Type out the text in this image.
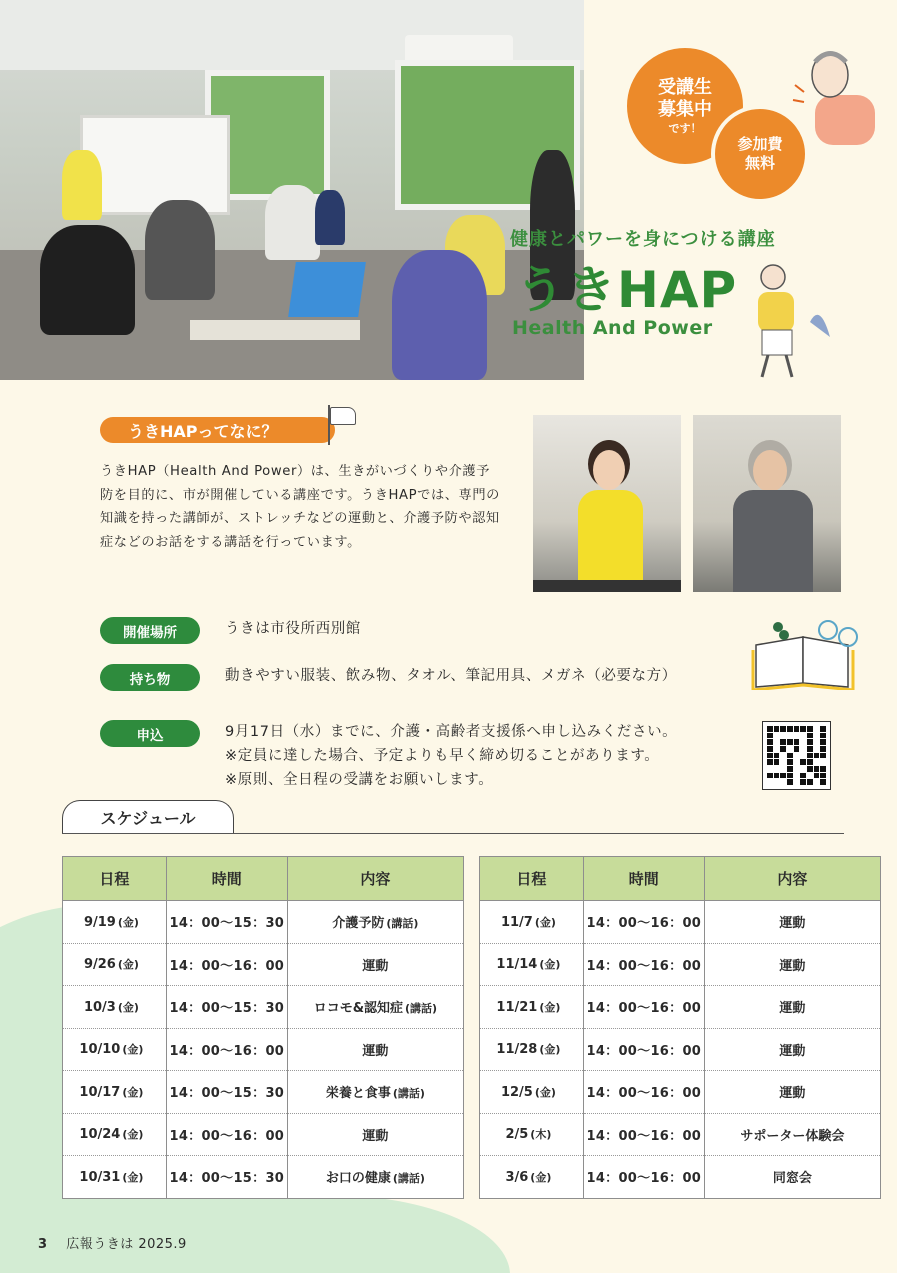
受講生
募集中
です！
参加費
無料
健康とパワーを身につける講座
うきHAP
Health And Power
うきHAPってなに？

うきHAP（Health And Power）は、生きがいづくりや介護予防を目的に、市が開催している講座です。うきHAPでは、専門の知識を持った講師が、ストレッチなどの運動と、介護予防や認知症などのお話をする講話を行っています。

開催場所	うきは市役所西別館
持ち物	動きやすい服装、飲み物、タオル、筆記用具、メガネ（必要な方）
申込	9月17日（水）までに、介護・高齢者支援係へ申し込みください。
※定員に達した場合、予定よりも早く締め切ることがあります。
※原則、全日程の受講をお願いします。
スケジュール
日程	時間	内容
9/19 (金)	14：00～15：30	介護予防 (講話)
9/26 (金)	14：00～16：00	運動
10/3 (金)	14：00～15：30	ロコモ&認知症 (講話)
10/10 (金)	14：00～16：00	運動
10/17 (金)	14：00～15：30	栄養と食事 (講話)
10/24 (金)	14：00～16：00	運動
10/31 (金)	14：00～15：30	お口の健康 (講話)
日程	時間	内容
11/7 (金)	14：00～16：00	運動
11/14 (金)	14：00～16：00	運動
11/21 (金)	14：00～16：00	運動
11/28 (金)	14：00～16：00	運動
12/5 (金)	14：00～16：00	運動
2/5 (木)	14：00～16：00	サポーター体験会
3/6 (金)	14：00～16：00	同窓会
3 広報うきは 2025.9
